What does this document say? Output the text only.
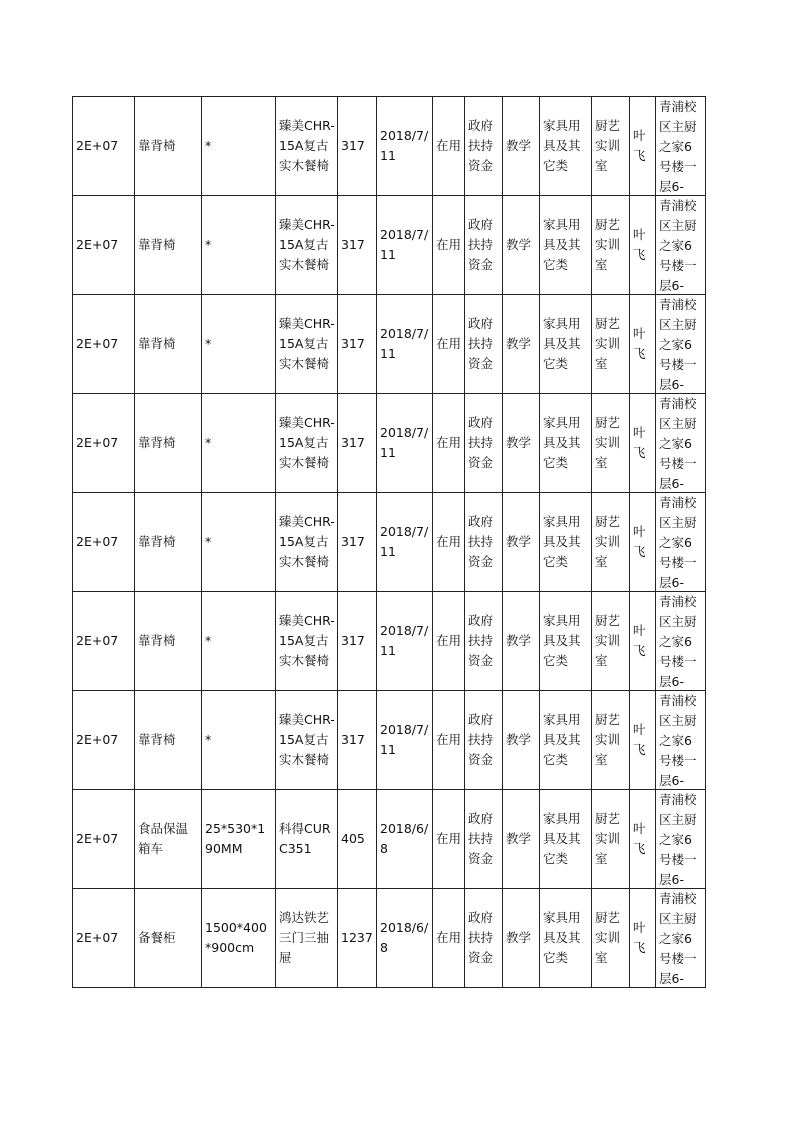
2E+07	靠背椅	*	臻美CHR-15A复古实木餐椅	317	2018/7/11	在用	政府扶持资金	教学	家具用具及其它类	厨艺实训室	叶飞	青浦校区主厨之家6号楼一层6-

2E+07	靠背椅	*	臻美CHR-15A复古实木餐椅	317	2018/7/11	在用	政府扶持资金	教学	家具用具及其它类	厨艺实训室	叶飞	青浦校区主厨之家6号楼一层6-

2E+07	靠背椅	*	臻美CHR-15A复古实木餐椅	317	2018/7/11	在用	政府扶持资金	教学	家具用具及其它类	厨艺实训室	叶飞	青浦校区主厨之家6号楼一层6-

2E+07	靠背椅	*	臻美CHR-15A复古实木餐椅	317	2018/7/11	在用	政府扶持资金	教学	家具用具及其它类	厨艺实训室	叶飞	青浦校区主厨之家6号楼一层6-

2E+07	靠背椅	*	臻美CHR-15A复古实木餐椅	317	2018/7/11	在用	政府扶持资金	教学	家具用具及其它类	厨艺实训室	叶飞	青浦校区主厨之家6号楼一层6-

2E+07	靠背椅	*	臻美CHR-15A复古实木餐椅	317	2018/7/11	在用	政府扶持资金	教学	家具用具及其它类	厨艺实训室	叶飞	青浦校区主厨之家6号楼一层6-

2E+07	靠背椅	*	臻美CHR-15A复古实木餐椅	317	2018/7/11	在用	政府扶持资金	教学	家具用具及其它类	厨艺实训室	叶飞	青浦校区主厨之家6号楼一层6-

2E+07	食品保温箱车	25*530*190MM	科得CURC351	405	2018/6/8	在用	政府扶持资金	教学	家具用具及其它类	厨艺实训室	叶飞	青浦校区主厨之家6号楼一层6-

2E+07	备餐柜	1500*400*900cm	鸿达铁艺三门三抽屉	1237	2018/6/8	在用	政府扶持资金	教学	家具用具及其它类	厨艺实训室	叶飞	青浦校区主厨之家6号楼一层6-
